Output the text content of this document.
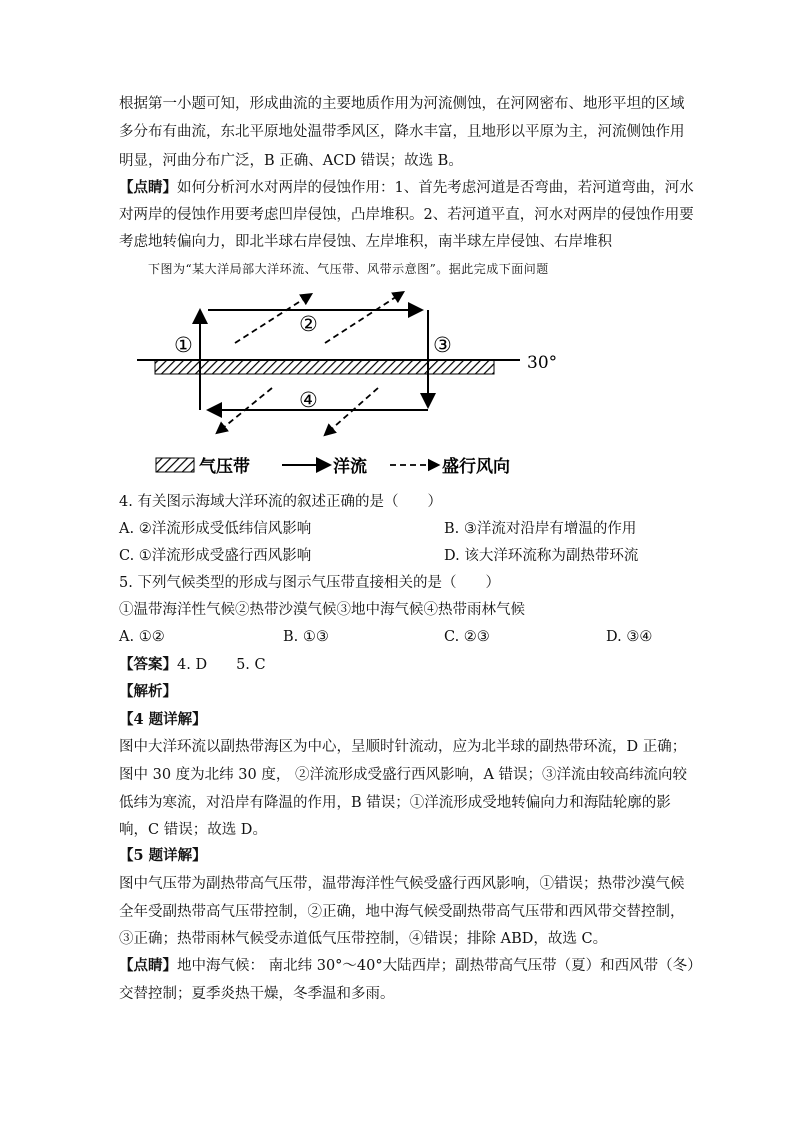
根据第一小题可知，形成曲流的主要地质作用为河流侧蚀，在河网密布、地形平坦的区域
多分布有曲流，东北平原地处温带季风区，降水丰富，且地形以平原为主，河流侧蚀作用
明显，河曲分布广泛，B 正确、ACD 错误；故选 B。
【点睛】如何分析河水对两岸的侵蚀作用：1、首先考虑河道是否弯曲，若河道弯曲，河水
对两岸的侵蚀作用要考虑凹岸侵蚀，凸岸堆积。2、若河道平直，河水对两岸的侵蚀作用要
考虑地转偏向力，即北半球右岸侵蚀、左岸堆积，南半球左岸侵蚀、右岸堆积
下图为“某大洋局部大洋环流、气压带、风带示意图”。据此完成下面问题
①
②
③
④
30°
气压带	洋流	盛行风向
4. 有关图示海域大洋环流的叙述正确的是（　　）
A. ②洋流形成受低纬信风影响	B. ③洋流对沿岸有增温的作用
C. ①洋流形成受盛行西风影响	D. 该大洋环流称为副热带环流
5. 下列气候类型的形成与图示气压带直接相关的是（　　）
①温带海洋性气候②热带沙漠气候③地中海气候④热带雨林气候
A. ①②	B. ①③	C. ②③	D. ③④
【答案】4. D　　5. C
【解析】
【4 题详解】
图中大洋环流以副热带海区为中心，呈顺时针流动，应为北半球的副热带环流，D 正确；
图中 30 度为北纬 30 度， ②洋流形成受盛行西风影响，A 错误；③洋流由较高纬流向较
低纬为寒流，对沿岸有降温的作用，B 错误；①洋流形成受地转偏向力和海陆轮廓的影
响，C 错误；故选 D。
【5 题详解】
图中气压带为副热带高气压带，温带海洋性气候受盛行西风影响，①错误；热带沙漠气候
全年受副热带高气压带控制，②正确，地中海气候受副热带高气压带和西风带交替控制，
③正确；热带雨林气候受赤道低气压带控制，④错误；排除 ABD，故选 C。
【点睛】地中海气候： 南北纬 30°～40°大陆西岸；副热带高气压带（夏）和西风带（冬）
交替控制；夏季炎热干燥，冬季温和多雨。
